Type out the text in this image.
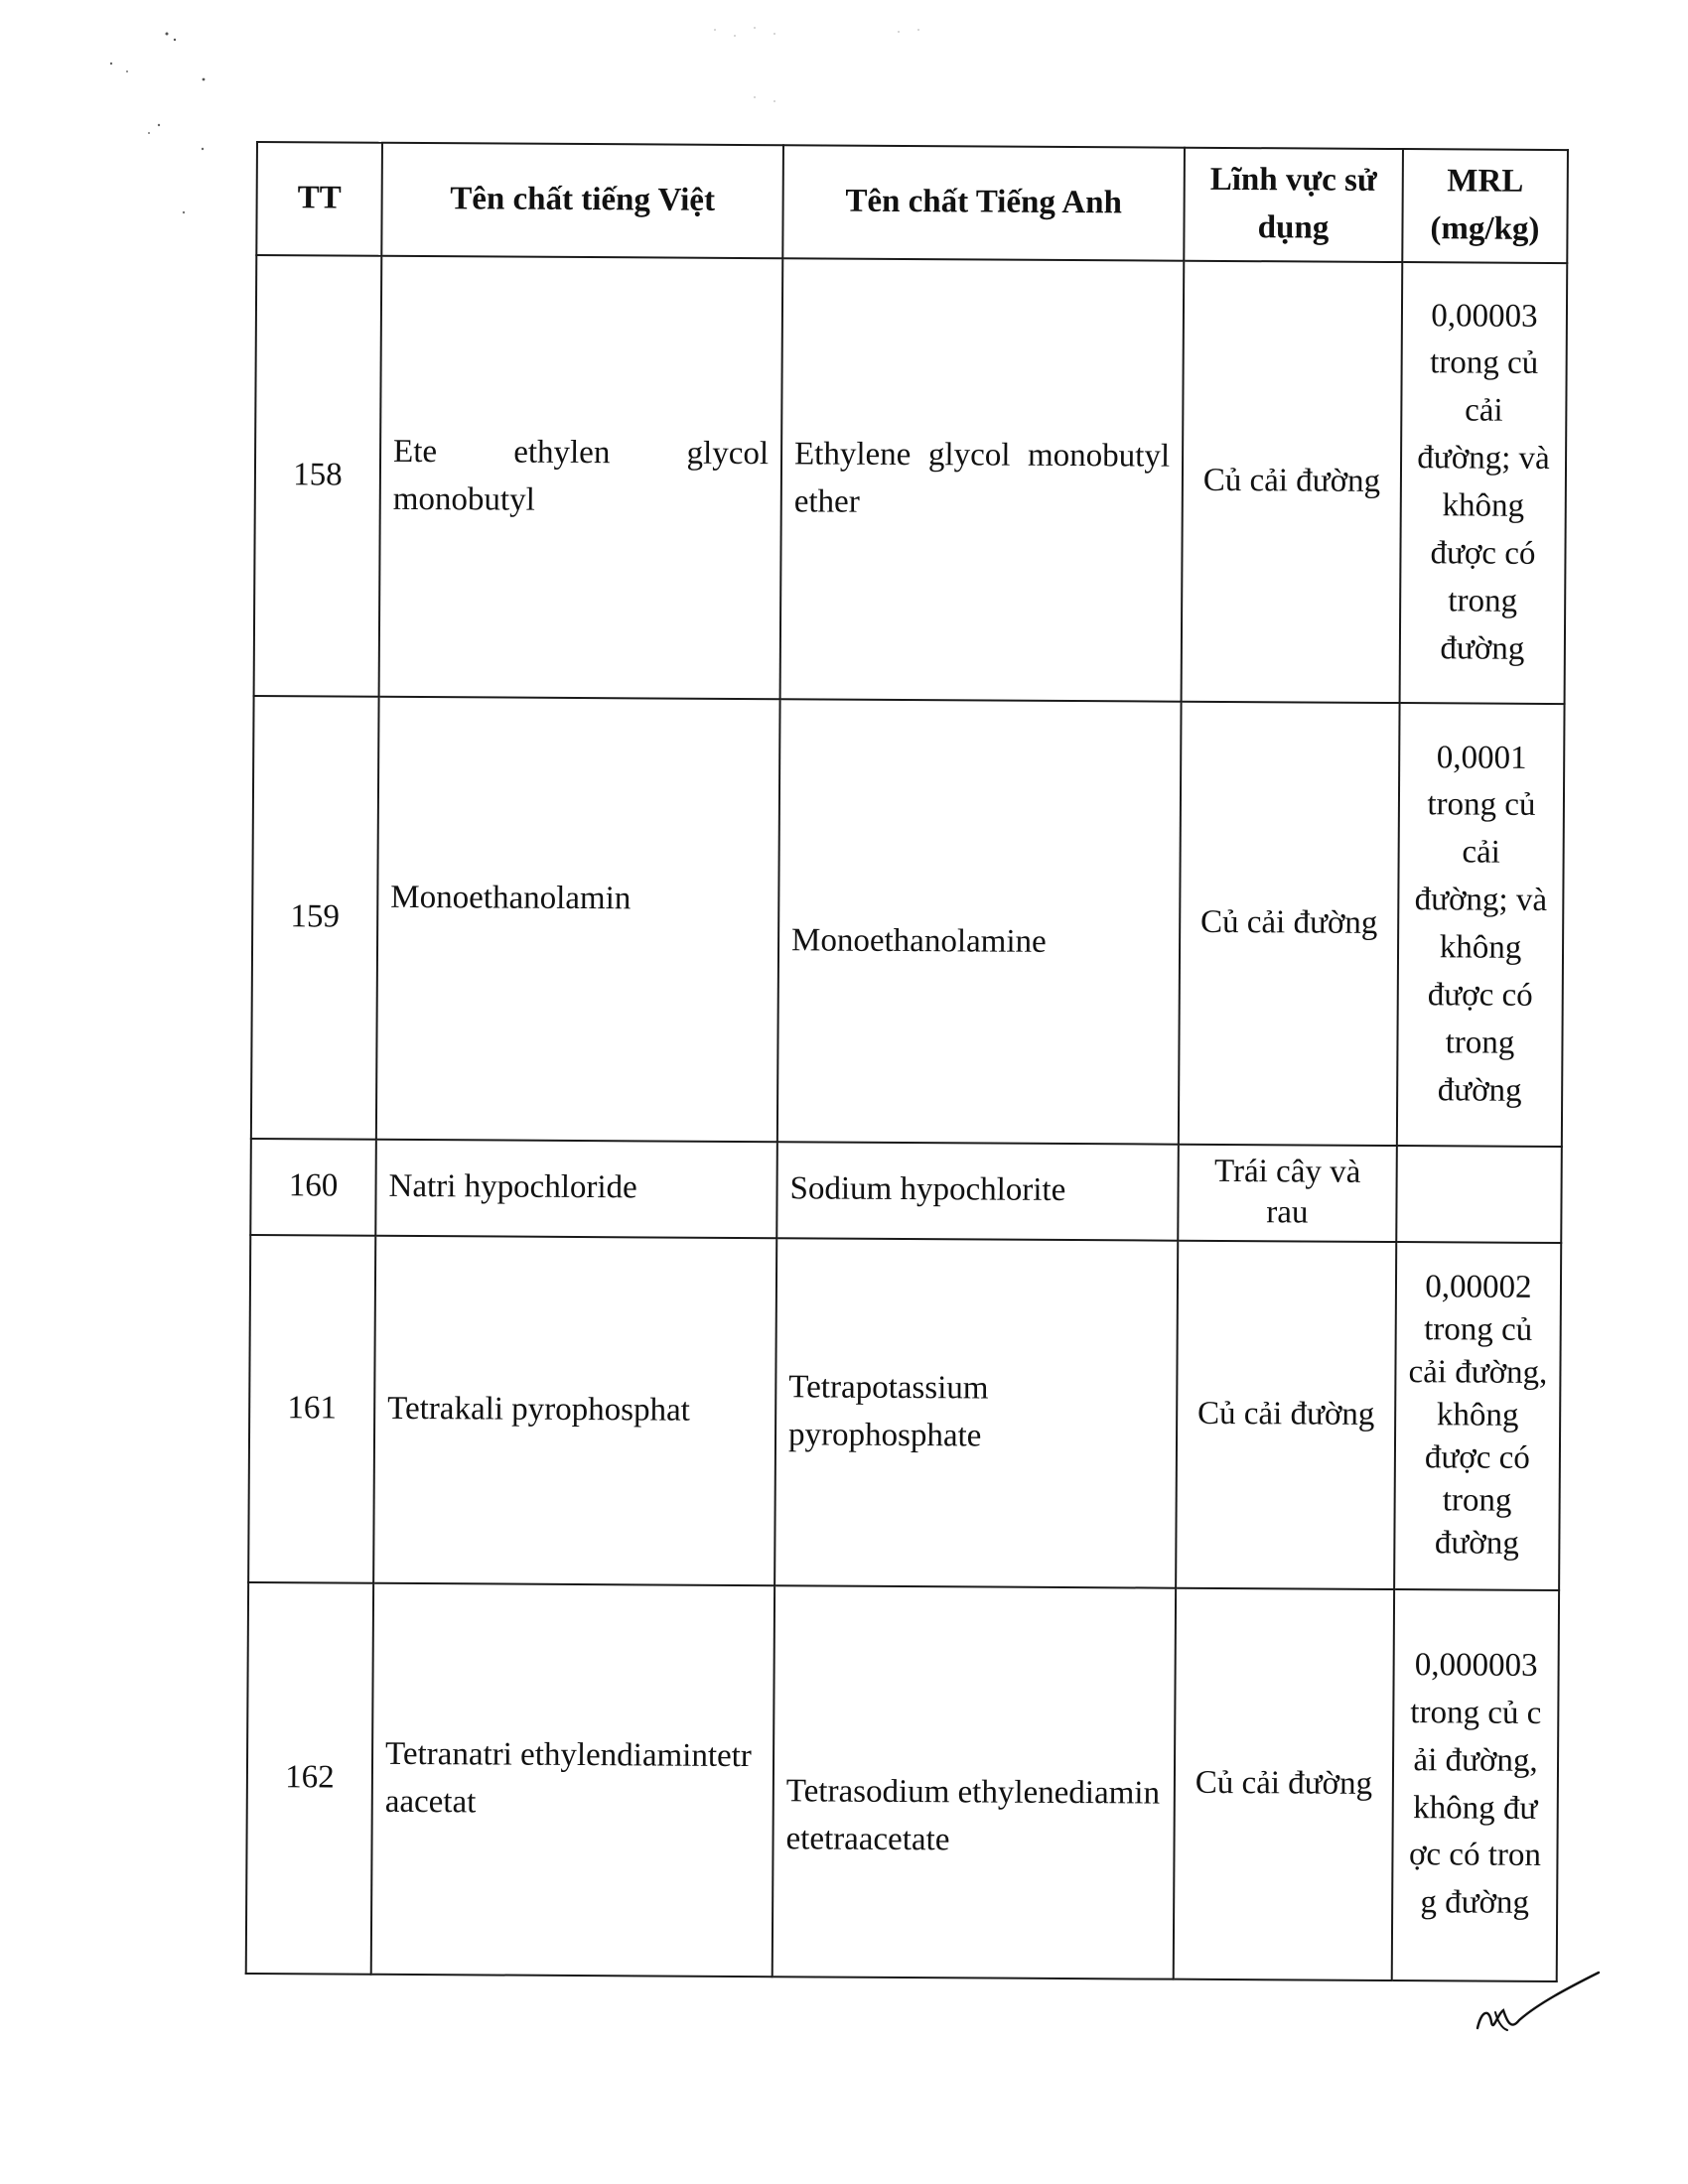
TT	Tên chất tiếng Việt	Tên chất Tiếng Anh	Lĩnh vực sử dụng	MRL (mg/kg)
158	Ete ethylen glycol monobutyl	Ethylene glycol monobutyl ether	Củ cải đường	0,00003 trong củ cải đường; và không được có trong đường
159	Monoethanolamin	Monoethanolamine	Củ cải đường	0,0001 trong củ cải đường; và không được có trong đường
160	Natri hypochloride	Sodium hypochlorite	Trái cây và rau	
161	Tetrakali pyrophosphat	Tetrapotassium pyrophosphate	Củ cải đường	0,00002 trong củ cải đường, không được có trong đường
162	Tetranatri ethylendiamintetraacetat	Tetrasodium ethylenediaminetetraacetate	Củ cải đường	0,000003 trong củ cải đường, không được có trong đường
